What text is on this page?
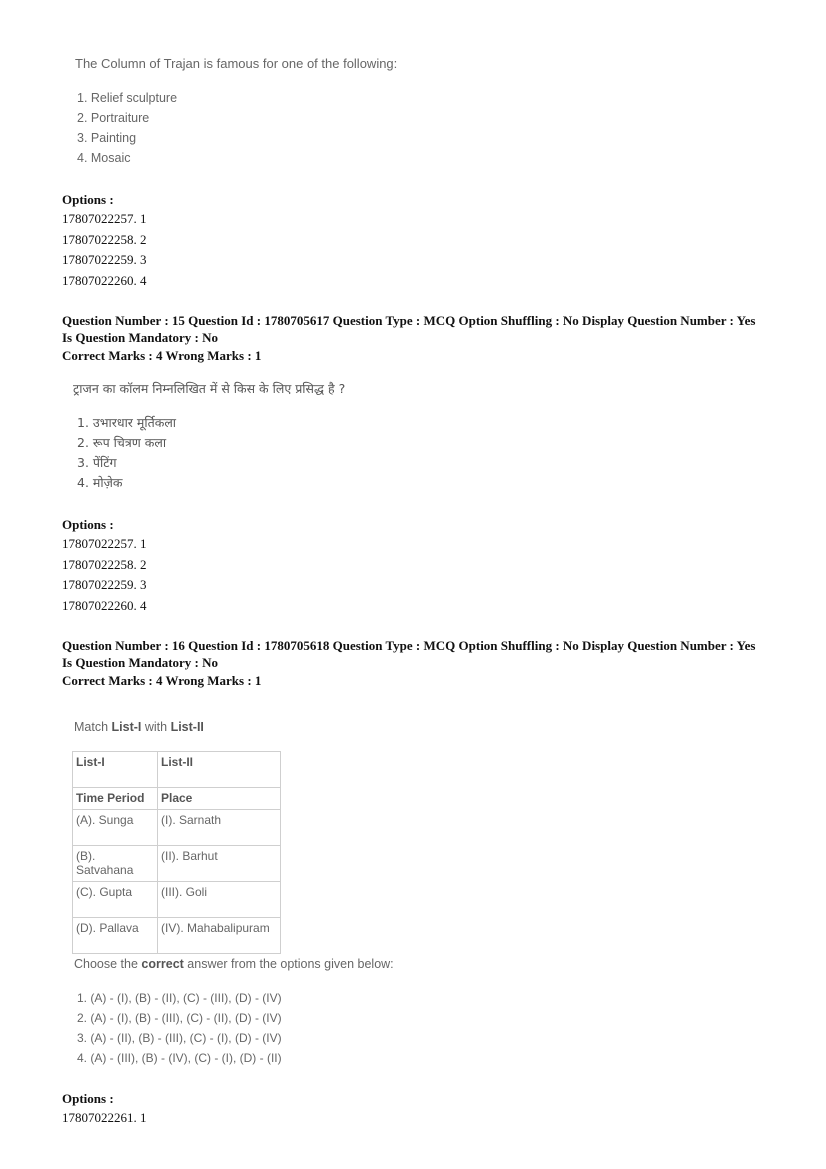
The Column of Trajan is famous for one of the following:
1. Relief sculpture
2. Portraiture
3. Painting
4. Mosaic
Options :
17807022257. 1
17807022258. 2
17807022259. 3
17807022260. 4
Question Number : 15 Question Id : 1780705617 Question Type : MCQ Option Shuffling : No Display Question Number : Yes
Is Question Mandatory : No
Correct Marks : 4 Wrong Marks : 1
ट्राजन का कॉलम निम्नलिखित में से किस के लिए प्रसिद्ध है ?
1. उभारधार मूर्तिकला
2. रूप चित्रण कला
3. पेंटिंग
4. मोज़ेक
Options :
17807022257. 1
17807022258. 2
17807022259. 3
17807022260. 4
Question Number : 16 Question Id : 1780705618 Question Type : MCQ Option Shuffling : No Display Question Number : Yes
Is Question Mandatory : No
Correct Marks : 4 Wrong Marks : 1
Match List-I with List-II
List-I	List-II
Time Period	Place
(A). Sunga	(I). Sarnath
(B). Satvahana	(II). Barhut
(C). Gupta	(III). Goli
(D). Pallava	(IV). Mahabalipuram
Choose the correct answer from the options given below:
1. (A) - (I), (B) - (II), (C) - (III), (D) - (IV)
2. (A) - (I), (B) - (III), (C) - (II), (D) - (IV)
3. (A) - (II), (B) - (III), (C) - (I), (D) - (IV)
4. (A) - (III), (B) - (IV), (C) - (I), (D) - (II)
Options :
17807022261. 1
